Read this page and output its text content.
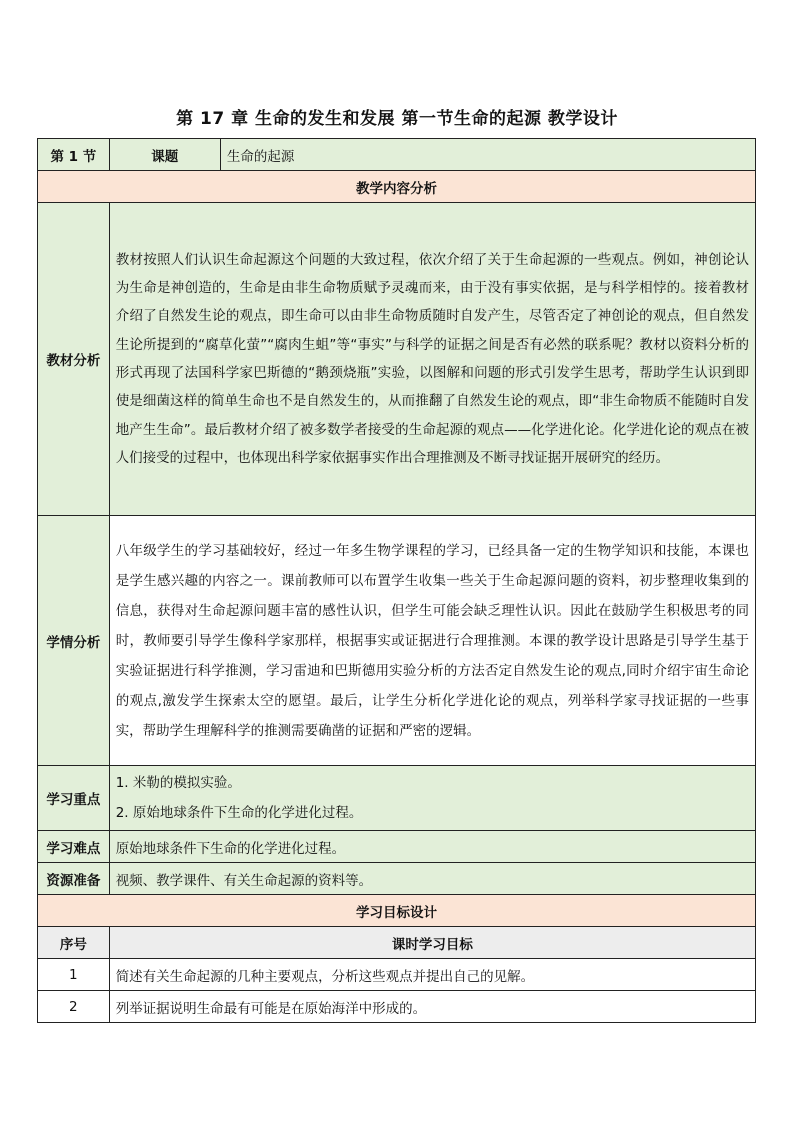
第 17 章 生命的发生和发展 第一节生命的起源 教学设计
第 1 节	课题	生命的起源
教学内容分析		
教材分析	教材按照人们认识生命起源这个问题的大致过程，依次介绍了关于生命起源的一些观点。例如，神创论认为生命是神创造的，生命是由非生命物质赋予灵魂而来，由于没有事实依据，是与科学相悖的。接着教材介绍了自然发生论的观点，即生命可以由非生命物质随时自发产生，尽管否定了神创论的观点，但自然发生论所提到的“腐草化萤”“腐肉生蛆”等“事实”与科学的证据之间是否有必然的联系呢？教材以资料分析的形式再现了法国科学家巴斯德的“鹅颈烧瓶”实验，以图解和问题的形式引发学生思考，帮助学生认识到即使是细菌这样的简单生命也不是自然发生的，从而推翻了自然发生论的观点，即“非生命物质不能随时自发地产生生命”。最后教材介绍了被多数学者接受的生命起源的观点——化学进化论。化学进化论的观点在被人们接受的过程中，也体现出科学家依据事实作出合理推测及不断寻找证据开展研究的经历。	
学情分析	八年级学生的学习基础较好，经过一年多生物学课程的学习，已经具备一定的生物学知识和技能，本课也是学生感兴趣的内容之一。课前教师可以布置学生收集一些关于生命起源问题的资料，初步整理收集到的信息，获得对生命起源问题丰富的感性认识，但学生可能会缺乏理性认识。因此在鼓励学生积极思考的同时，教师要引导学生像科学家那样，根据事实或证据进行合理推测。本课的教学设计思路是引导学生基于实验证据进行科学推测，学习雷迪和巴斯德用实验分析的方法否定自然发生论的观点,同时介绍宇宙生命论的观点,激发学生探索太空的愿望。最后，让学生分析化学进化论的观点，列举科学家寻找证据的一些事实，帮助学生理解科学的推测需要确凿的证据和严密的逻辑。	
学习重点	1. 米勒的模拟实验。
2. 原始地球条件下生命的化学进化过程。	

学习难点	原始地球条件下生命的化学进化过程。	
资源准备	视频、教学课件、有关生命起源的资料等。	
学习目标设计		
序号	课时学习目标	
1	简述有关生命起源的几种主要观点，分析这些观点并提出自己的见解。	
2	列举证据说明生命最有可能是在原始海洋中形成的。	
